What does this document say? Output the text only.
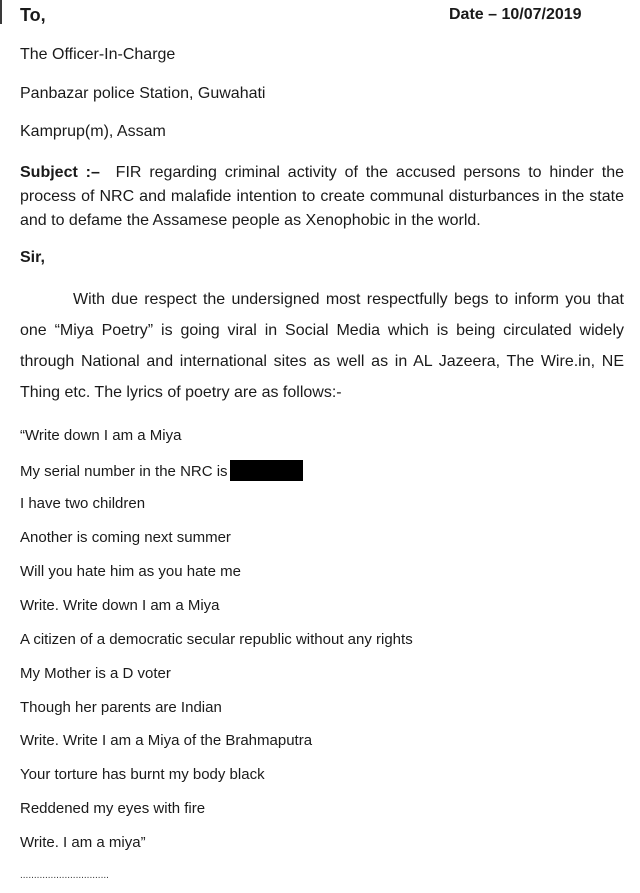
To,	Date – 10/07/2019
The Officer-In-Charge
Panbazar police Station, Guwahati
Kamprup(m), Assam
Subject :– FIR regarding criminal activity of the accused persons to hinder the process of NRC and malafide intention to create communal disturbances in the state and to defame the Assamese people as Xenophobic in the world.
Sir,
With due respect the undersigned most respectfully begs to inform you that one “Miya Poetry” is going viral in Social Media which is being circulated widely through National and international sites as well as in AL Jazeera, The Wire.in, NE Thing etc. The lyrics of poetry are as follows:-
“Write down I am a Miya
My serial number in the NRC is
I have two children
Another is coming next summer
Will you hate him as you hate me
Write. Write down I am a Miya
A citizen of a democratic secular republic without any rights
My Mother is a D voter
Though her parents are Indian
Write. Write I am a Miya of the Brahmaputra
Your torture has burnt my body black
Reddened my eyes with fire
Write. I am a miya”
................................
